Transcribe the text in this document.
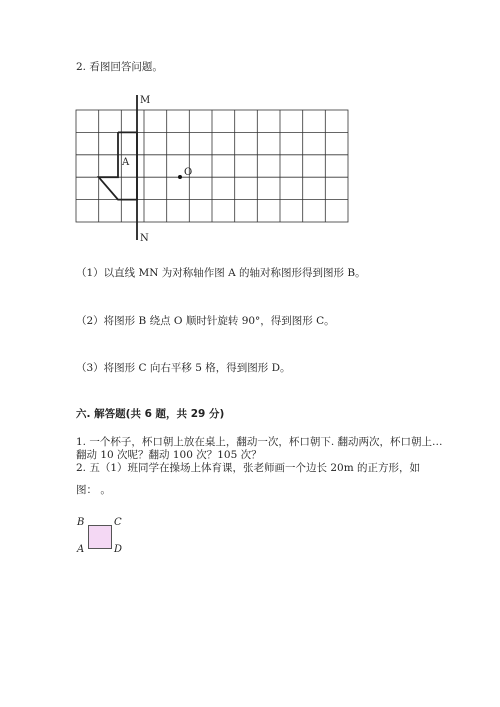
2. 看图回答问题。
M
N
A
O
（1）以直线 MN 为对称轴作图 A 的轴对称图形得到图形 B。
（2）将图形 B 绕点 O 顺时针旋转 90°，得到图形 C。
（3）将图形 C 向右平移 5 格，得到图形 D。
六. 解答题(共 6 题，共 29 分)
1. 一个杯子，杯口朝上放在桌上，翻动一次，杯口朝下. 翻动两次，杯口朝上…
翻动 10 次呢？翻动 100 次？105 次？
2. 五（1）班同学在操场上体育课，张老师画一个边长 20m 的正方形，如
图： 。
B	C
A	D
